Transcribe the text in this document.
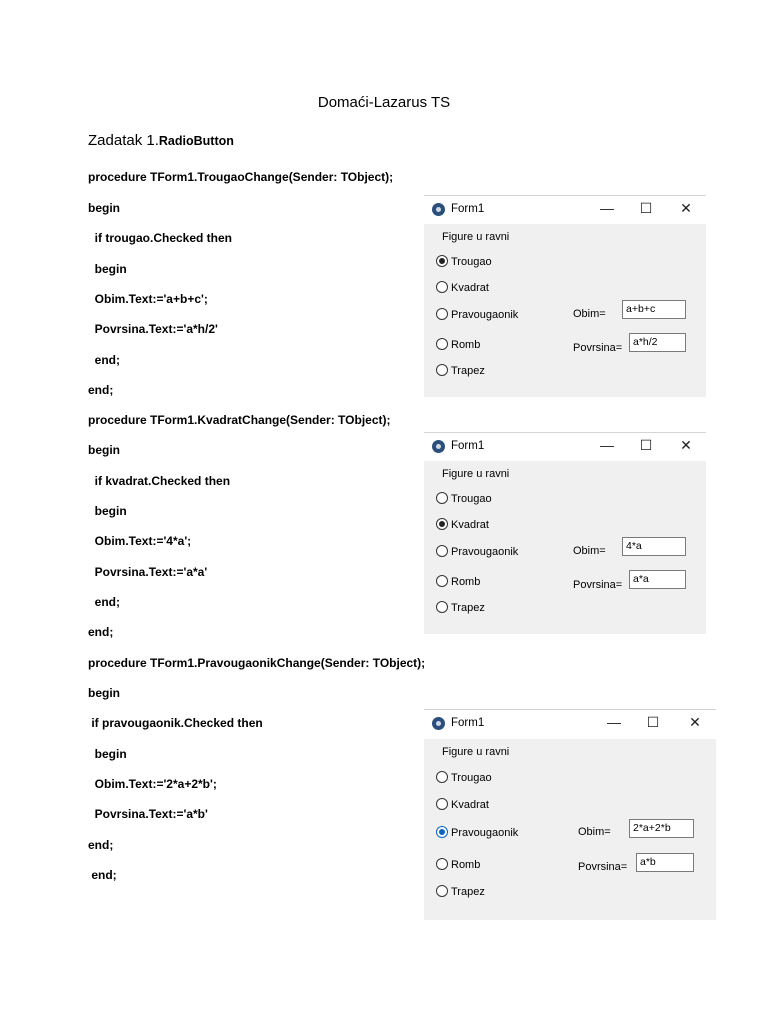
Domaći-Lazarus TS
Zadatak 1.RadioButton
procedure TForm1.TrougaoChange(Sender: TObject);
begin
if trougao.Checked then
begin
Obim.Text:='a+b+c';
Povrsina.Text:='a*h/2'
end;
end;
procedure TForm1.KvadratChange(Sender: TObject);
begin
if kvadrat.Checked then
begin
Obim.Text:='4*a';
Povrsina.Text:='a*a'
end;
end;
procedure TForm1.PravougaonikChange(Sender: TObject);
begin
if pravougaonik.Checked then
begin
Obim.Text:='2*a+2*b';
Povrsina.Text:='a*b'
end;
end;
Form1	— ☐ ✕
Figure u ravni
Trougao
Kvadrat
Pravougaonik
Romb
Trapez
Obim=	a+b+c
Povrsina=	a*h/2
Form1	— ☐ ✕
Figure u ravni
Trougao
Kvadrat
Pravougaonik
Romb
Trapez
Obim=	4*a
Povrsina=	a*a
Form1	— ☐ ✕
Figure u ravni
Trougao
Kvadrat
Pravougaonik
Romb
Trapez
Obim=	2*a+2*b
Povrsina=	a*b
